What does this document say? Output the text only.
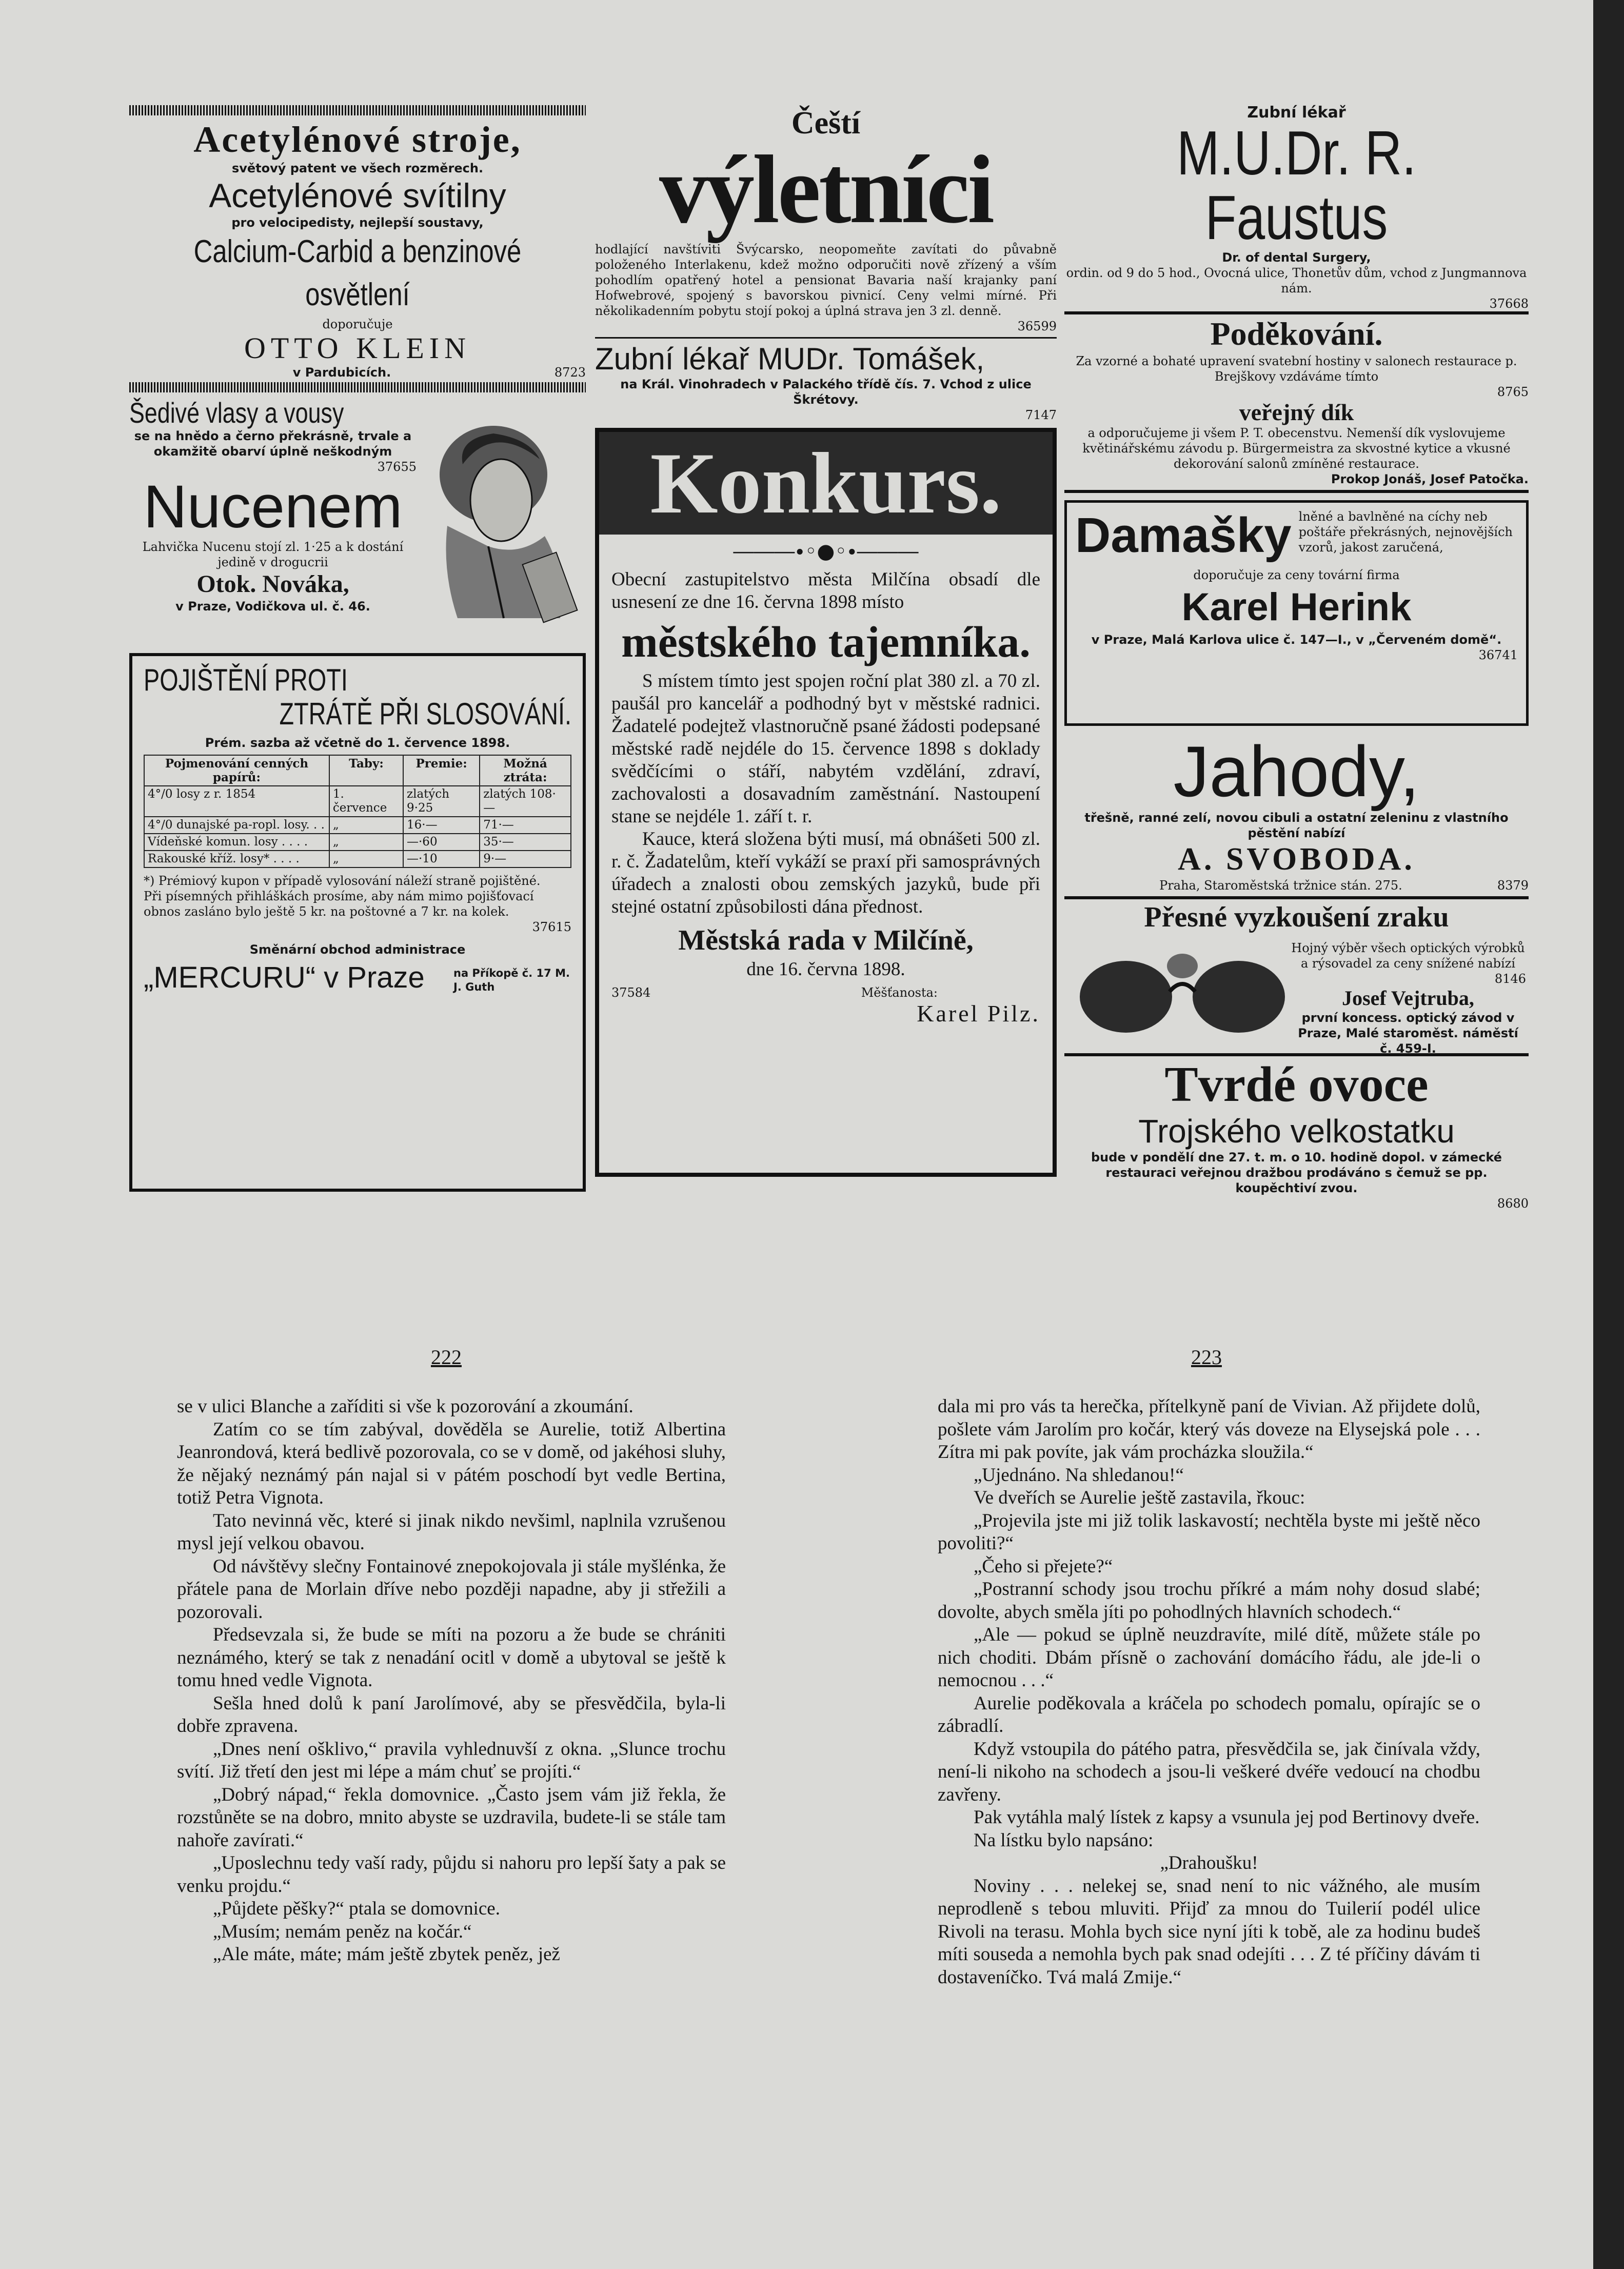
Acetylénové stroje,
světový patent ve všech rozměrech.
Acetylénové svítilny
pro velocipedisty, nejlepší soustavy,
Calcium-Carbid a benzinové osvětlení
doporučuje
OTTO KLEIN
v Pardubicích.	8723
Šedivé vlasy a vousy
se na hnědo a černo překrásně, trvale a okamžitě obarví úplně neškodným
37655
Nucenem
Lahvička Nucenu stojí zl. 1·25 a k dostání jedině v drogucrii
Otok. Nováka,
v Praze, Vodičkova ul. č. 46.
POJIŠTĚNÍ PROTI
ZTRÁTĚ PŘI SLOSOVÁNÍ.
Prém. sazba až včetně do 1. července 1898.
Pojmenování cenných papírů:	Taby:	Premie:	Možná ztráta:
4°/0 losy z r. 1854	1. července	zlatých 9·25	zlatých 108·—
4°/0 dunajské pa-ropl. losy. . .	„	16·—	71·—
Vídeňské komun. losy . . . .	„	—·60	35·—
Rakouské kříž. losy* . . . .	„	—·10	9·—
*) Prémiový kupon v případě vylosování náleží straně pojištěné.
Při písemných přihláškách prosíme, aby nám mimo pojišťovací obnos zasláno bylo ještě 5 kr. na poštovné a 7 kr. na kolek.
37615
Směnární obchod administrace
„MERCURU“ v Praze	na Příkopě č. 17 M. J. Guth
Čeští
výletníci
hodlající navštíviti Švýcarsko, neopomeňte zavítati do půvabně položeného Interlakenu, kdež možno odporučiti nově zřízený a vším pohodlím opatřený hotel a pensionat Bavaria naší krajanky paní Hofwebrové, spojený s bavorskou pivnicí. Ceny velmi mírné. Při několikadenním pobytu stojí pokoj a úplná strava jen 3 zl. denně.
36599
Zubní lékař MUDr. Tomášek,
na Král. Vinohradech v Palackého třídě čís. 7. Vchod z ulice Škrétovy.
7147
Konkurs.
―――∙◦●◦∙―――
Obecní zastupitelstvo města Milčína obsadí dle usnesení ze dne 16. června 1898 místo
městského tajemníka.
S místem tímto jest spojen roční plat 380 zl. a 70 zl. paušál pro kancelář a podhodný byt v městské radnici. Žadatelé podejtež vlastnoručně psané žádosti podepsané městské radě nejdéle do 15. července 1898 s doklady svědčícími o stáří, nabytém vzdělání, zdraví, zachovalosti a dosavadním zaměstnání. Nastoupení stane se nejdéle 1. září t. r.
Kauce, která složena býti musí, má obnášeti 500 zl. r. č. Žadatelům, kteří vykáží se praxí při samosprávných úřadech a znalosti obou zemských jazyků, bude při stejné ostatní způsobilosti dána přednost.
Městská rada v Milčíně,
dne 16. června 1898.
37584	Měšťanosta:
Karel Pilz.
Zubní lékař
M.U.Dr. R. Faustus
Dr. of dental Surgery,
ordin. od 9 do 5 hod., Ovocná ulice, Thonetův dům, vchod z Jungmannova nám.
37668
Poděkování.
Za vzorné a bohaté upravení svatební hostiny v salonech restaurace p. Brejškovy vzdáváme tímto
8765
veřejný dík
a odporučujeme ji všem P. T. obecenstvu. Nemenší dík vyslovujeme květinářskému závodu p. Bürgermeistra za skvostné kytice a vkusné dekorování salonů zmíněné restaurace.
Prokop Jonáš, Josef Patočka.
Damašky lněné a bavlněné na cíchy neb poštáře překrásných, nejnovějších vzorů, jakost zaručená,
doporučuje za ceny tovární firma
Karel Herink
v Praze, Malá Karlova ulice č. 147—I., v „Červeném domě“.
36741
Jahody,
třešně, ranné zelí, novou cibuli a ostatní zeleninu z vlastního pěstění nabízí
A. SVOBODA.
Praha, Staroměstská tržnice stán. 275.	8379
Přesné vyzkoušení zraku
Hojný výběr všech optických výrobků a rýsovadel za ceny snížené nabízí
8146
Josef Vejtruba,
první koncess. optický závod v Praze, Malé staroměst. náměstí č. 459-I.
Tvrdé ovoce
Trojského velkostatku
bude v pondělí dne 27. t. m. o 10. hodině dopol. v zámecké restauraci veřejnou dražbou prodáváno s čemuž se pp. koupěchtiví zvou.
8680
222	223

se v ulici Blanche a zaříditi si vše k pozorování a zkoumání.

Zatím co se tím zabýval, dověděla se Aurelie, totiž Albertina Jeanrondová, která bedlivě pozorovala, co se v domě, od jakéhosi sluhy, že nějaký neznámý pán najal si v pátém poschodí byt vedle Bertina, totiž Petra Vignota.

Tato nevinná věc, které si jinak nikdo nevšiml, naplnila vzrušenou mysl její velkou obavou.

Od návštěvy slečny Fontainové znepokojovala ji stále myšlénka, že přátele pana de Morlain dříve nebo později napadne, aby ji střežili a pozorovali.

Předsevzala si, že bude se míti na pozoru a že bude se chrániti neznámého, který se tak z nenadání ocitl v domě a ubytoval se ještě k tomu hned vedle Vignota.

Sešla hned dolů k paní Jarolímové, aby se přesvědčila, byla-li dobře zpravena.

„Dnes není ošklivo,“ pravila vyhlednuvší z okna. „Slunce trochu svítí. Již třetí den jest mi lépe a mám chuť se projíti.“

„Dobrý nápad,“ řekla domovnice. „Často jsem vám již řekla, že rozstůněte se na dobro, mnito abyste se uzdravila, budete-li se stále tam nahoře zavírati.“

„Uposlechnu tedy vaší rady, půjdu si nahoru pro lepší šaty a pak se venku projdu.“

„Půjdete pěšky?“ ptala se domovnice.

„Musím; nemám peněz na kočár.“

„Ale máte, máte; mám ještě zbytek peněz, jež

dala mi pro vás ta herečka, přítelkyně paní de Vivian. Až přijdete dolů, pošlete vám Jarolím pro kočár, který vás doveze na Elysejská pole . . . Zítra mi pak povíte, jak vám procházka sloužila.“

„Ujednáno. Na shledanou!“

Ve dveřích se Aurelie ještě zastavila, řkouc:

„Projevila jste mi již tolik laskavostí; nechtěla byste mi ještě něco povoliti?“

„Čeho si přejete?“

„Postranní schody jsou trochu příkré a mám nohy dosud slabé; dovolte, abych směla jíti po pohodlných hlavních schodech.“

„Ale — pokud se úplně neuzdravíte, milé dítě, můžete stále po nich choditi. Dbám přísně o zachování domácího řádu, ale jde-li o nemocnou . . .“

Aurelie poděkovala a kráčela po schodech pomalu, opírajíc se o zábradlí.

Když vstoupila do pátého patra, přesvědčila se, jak činívala vždy, není-li nikoho na schodech a jsou-li veškeré dvéře vedoucí na chodbu zavřeny.

Pak vytáhla malý lístek z kapsy a vsunula jej pod Bertinovy dveře.

Na lístku bylo napsáno:

„Drahoušku!

Noviny . . . nelekej se, snad není to nic vážného, ale musím neprodleně s tebou mluviti. Přijď za mnou do Tuilerií podél ulice Rivoli na terasu. Mohla bych sice nyní jíti k tobě, ale za hodinu budeš míti souseda a nemohla bych pak snad odejíti . . . Z té příčiny dávám ti dostaveníčko. Tvá malá Zmije.“
